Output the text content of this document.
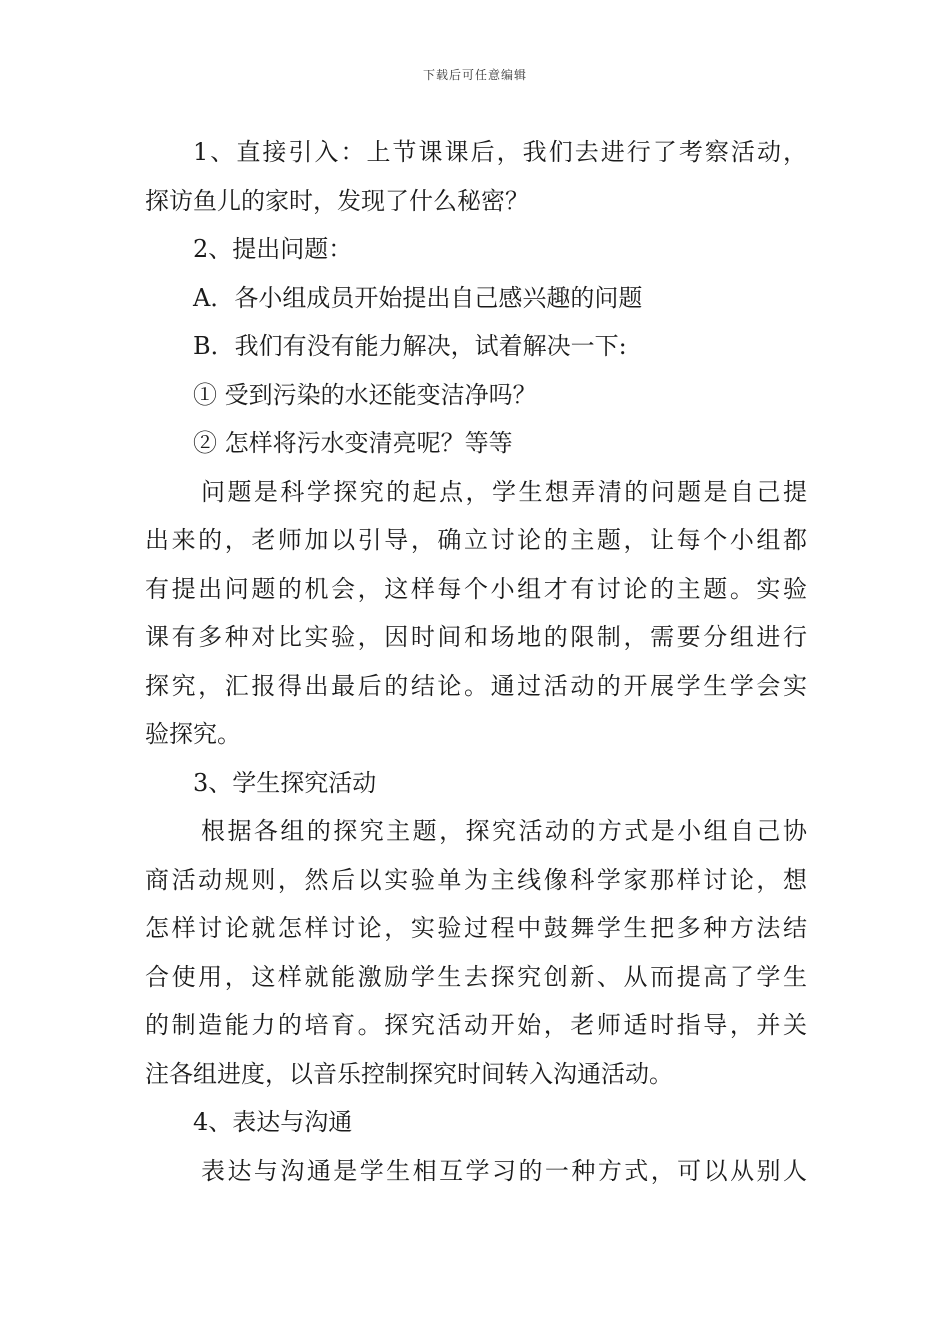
下载后可任意编辑

1、直接引入：上节课课后，我们去进行了考察活动，
探访鱼儿的家时，发现了什么秘密？

2、提出问题：

A．各小组成员开始提出自己感兴趣的问题

B．我们有没有能力解决，试着解决一下:

① 受到污染的水还能变洁净吗？

② 怎样将污水变清亮呢？等等

问题是科学探究的起点，学生想弄清的问题是自己提
出来的，老师加以引导，确立讨论的主题，让每个小组都
有提出问题的机会，这样每个小组才有讨论的主题。实验
课有多种对比实验，因时间和场地的限制，需要分组进行
探究，汇报得出最后的结论。通过活动的开展学生学会实
验探究。

3、学生探究活动

根据各组的探究主题，探究活动的方式是小组自己协
商活动规则，然后以实验单为主线像科学家那样讨论，想
怎样讨论就怎样讨论，实验过程中鼓舞学生把多种方法结
合使用，这样就能激励学生去探究创新、从而提高了学生
的制造能力的培育。探究活动开始，老师适时指导，并关
注各组进度，以音乐控制探究时间转入沟通活动。

4、表达与沟通

表达与沟通是学生相互学习的一种方式，可以从别人
